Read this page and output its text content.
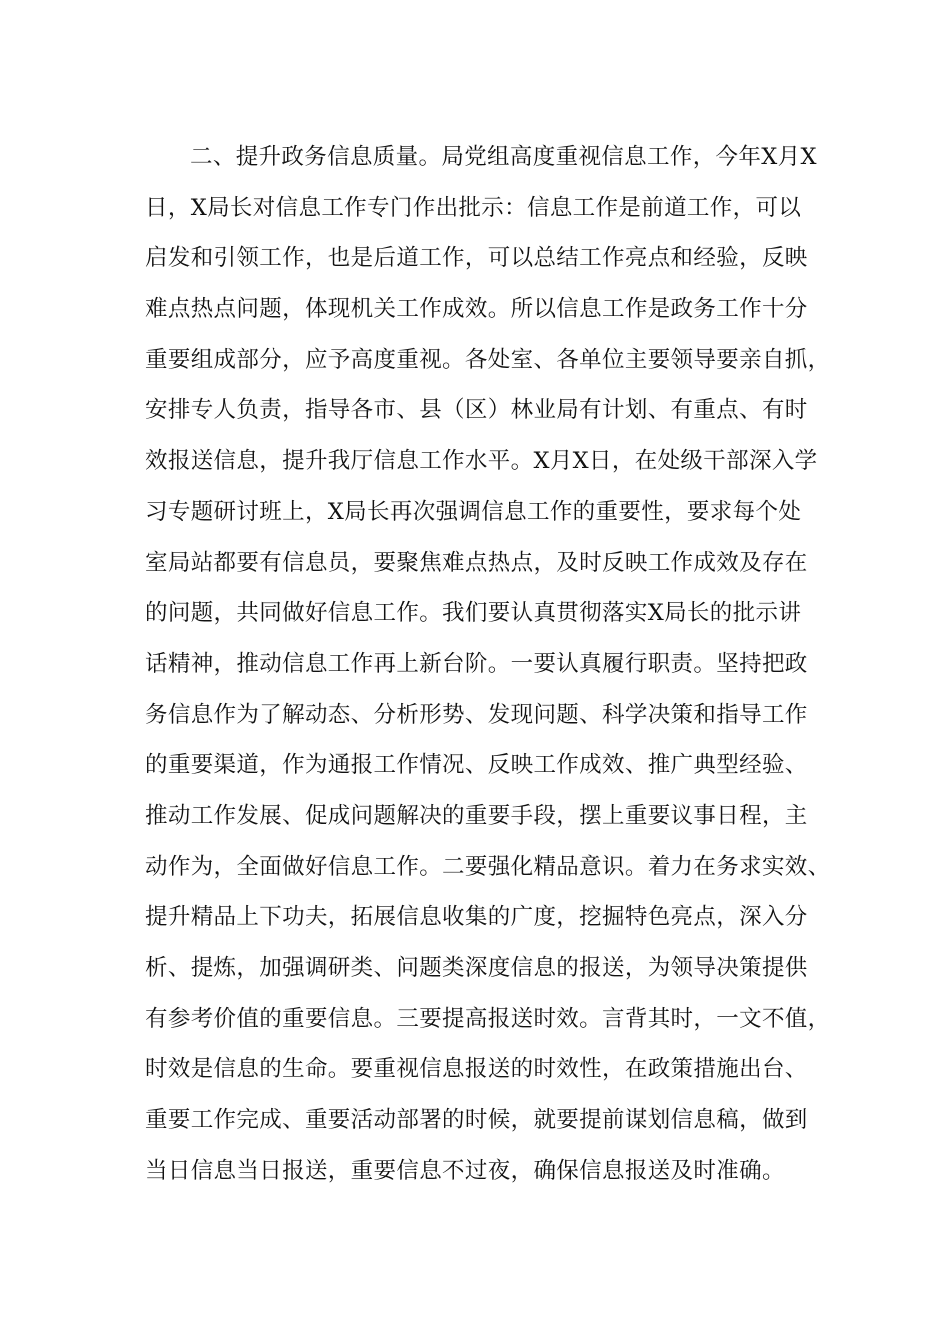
二、提升政务信息质量。局党组高度重视信息工作，今年X月X
日，X局长对信息工作专门作出批示：信息工作是前道工作，可以
启发和引领工作，也是后道工作，可以总结工作亮点和经验，反映
难点热点问题，体现机关工作成效。所以信息工作是政务工作十分
重要组成部分，应予高度重视。各处室、各单位主要领导要亲自抓，
安排专人负责，指导各市、县（区）林业局有计划、有重点、有时
效报送信息，提升我厅信息工作水平。X月X日，在处级干部深入学
习专题研讨班上，X局长再次强调信息工作的重要性，要求每个处
室局站都要有信息员，要聚焦难点热点，及时反映工作成效及存在
的问题，共同做好信息工作。我们要认真贯彻落实X局长的批示讲
话精神，推动信息工作再上新台阶。一要认真履行职责。坚持把政
务信息作为了解动态、分析形势、发现问题、科学决策和指导工作
的重要渠道，作为通报工作情况、反映工作成效、推广典型经验、
推动工作发展、促成问题解决的重要手段，摆上重要议事日程，主
动作为，全面做好信息工作。二要强化精品意识。着力在务求实效、
提升精品上下功夫，拓展信息收集的广度，挖掘特色亮点，深入分
析、提炼，加强调研类、问题类深度信息的报送，为领导决策提供
有参考价值的重要信息。三要提高报送时效。言背其时，一文不值，
时效是信息的生命。要重视信息报送的时效性，在政策措施出台、
重要工作完成、重要活动部署的时候，就要提前谋划信息稿，做到
当日信息当日报送，重要信息不过夜，确保信息报送及时准确。
